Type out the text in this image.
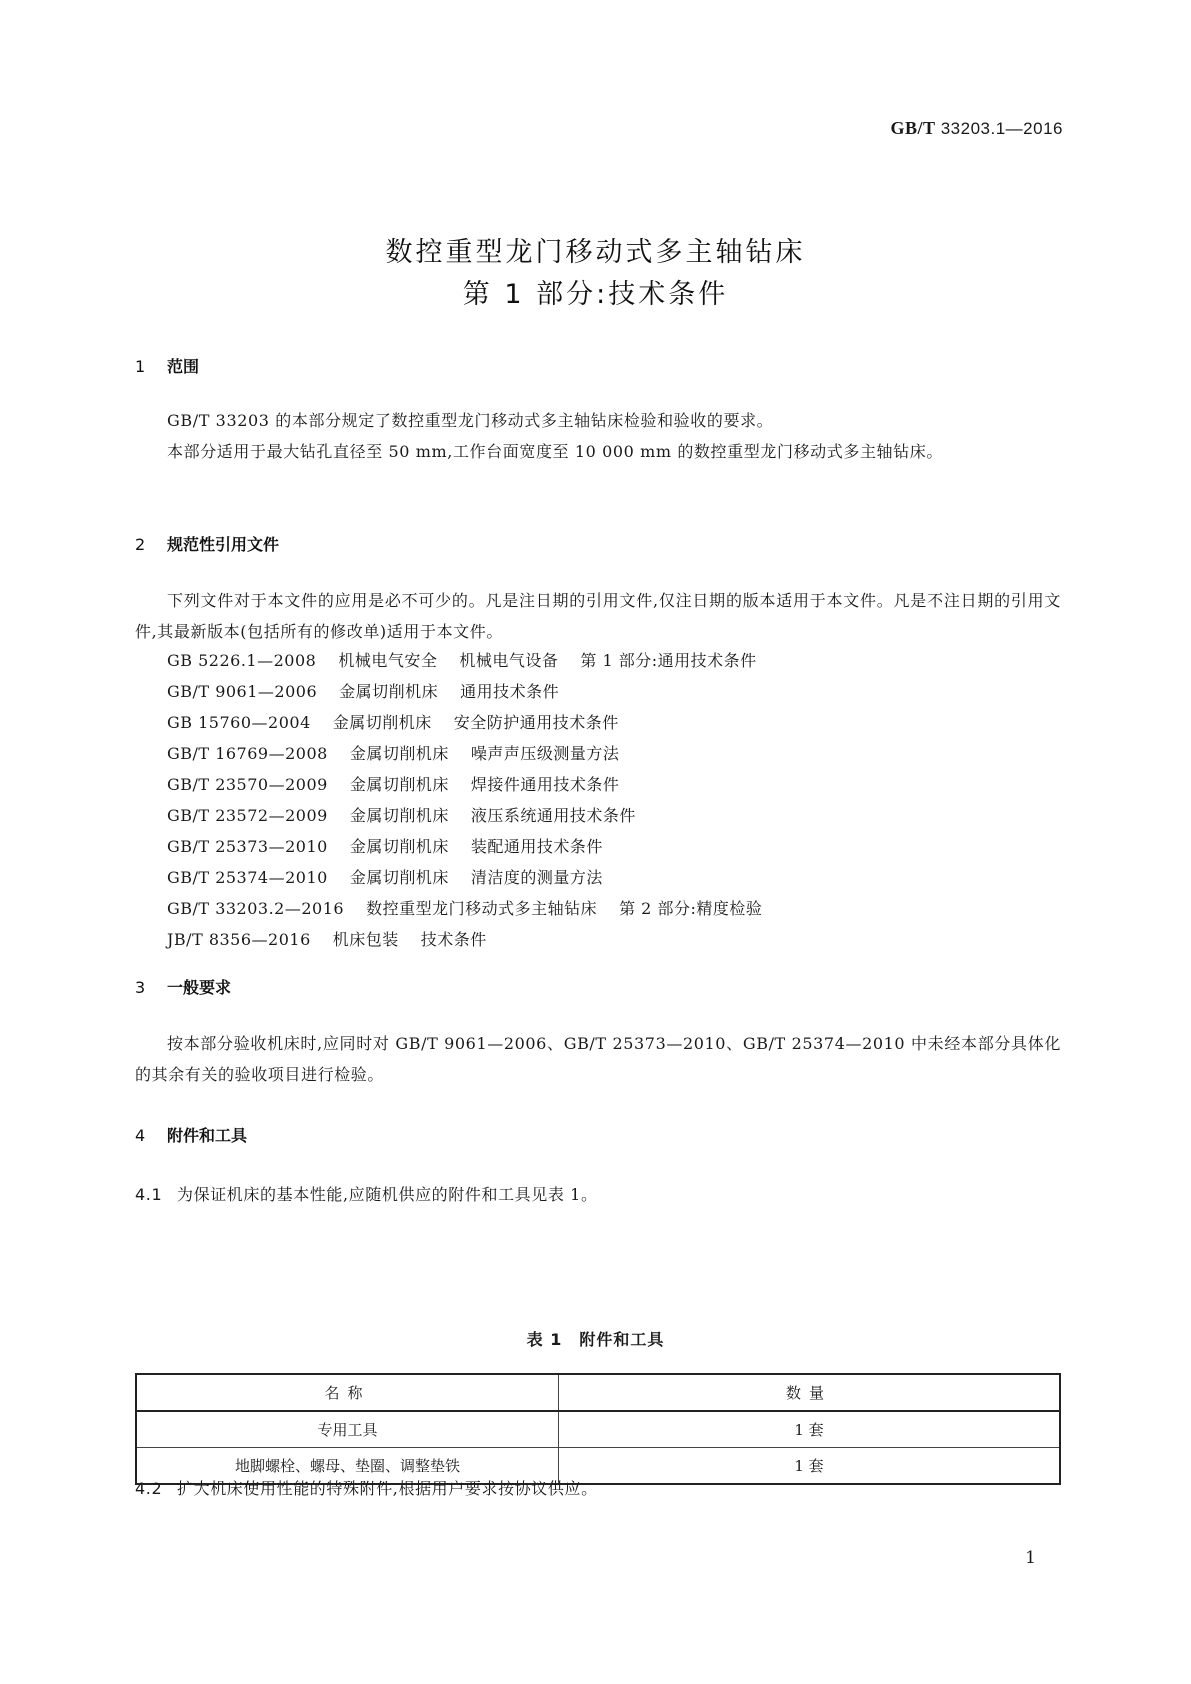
GB/T 33203.1—2016
数控重型龙门移动式多主轴钻床
第 1 部分:技术条件
1 范围

GB/T 33203 的本部分规定了数控重型龙门移动式多主轴钻床检验和验收的要求。

本部分适用于最大钻孔直径至 50 mm,工作台面宽度至 10 000 mm 的数控重型龙门移动式多主轴钻床。

2 规范性引用文件

下列文件对于本文件的应用是必不可少的。凡是注日期的引用文件,仅注日期的版本适用于本文件。凡是不注日期的引用文件,其最新版本(包括所有的修改单)适用于本文件。

GB 5226.1—2008 机械电气安全 机械电气设备 第 1 部分:通用技术条件
GB/T 9061—2006 金属切削机床 通用技术条件
GB 15760—2004 金属切削机床 安全防护通用技术条件
GB/T 16769—2008 金属切削机床 噪声声压级测量方法
GB/T 23570—2009 金属切削机床 焊接件通用技术条件
GB/T 23572—2009 金属切削机床 液压系统通用技术条件
GB/T 25373—2010 金属切削机床 装配通用技术条件
GB/T 25374—2010 金属切削机床 清洁度的测量方法
GB/T 33203.2—2016 数控重型龙门移动式多主轴钻床 第 2 部分:精度检验
JB/T 8356—2016 机床包装 技术条件
3 一般要求

按本部分验收机床时,应同时对 GB/T 9061—2006、GB/T 25373—2010、GB/T 25374—2010 中未经本部分具体化的其余有关的验收项目进行检验。

4 附件和工具
4.1 为保证机床的基本性能,应随机供应的附件和工具见表 1。
表 1　附件和工具
名称	数量
专用工具	1 套
地脚螺栓、螺母、垫圈、调整垫铁	1 套
4.2 扩大机床使用性能的特殊附件,根据用户要求按协议供应。
1
